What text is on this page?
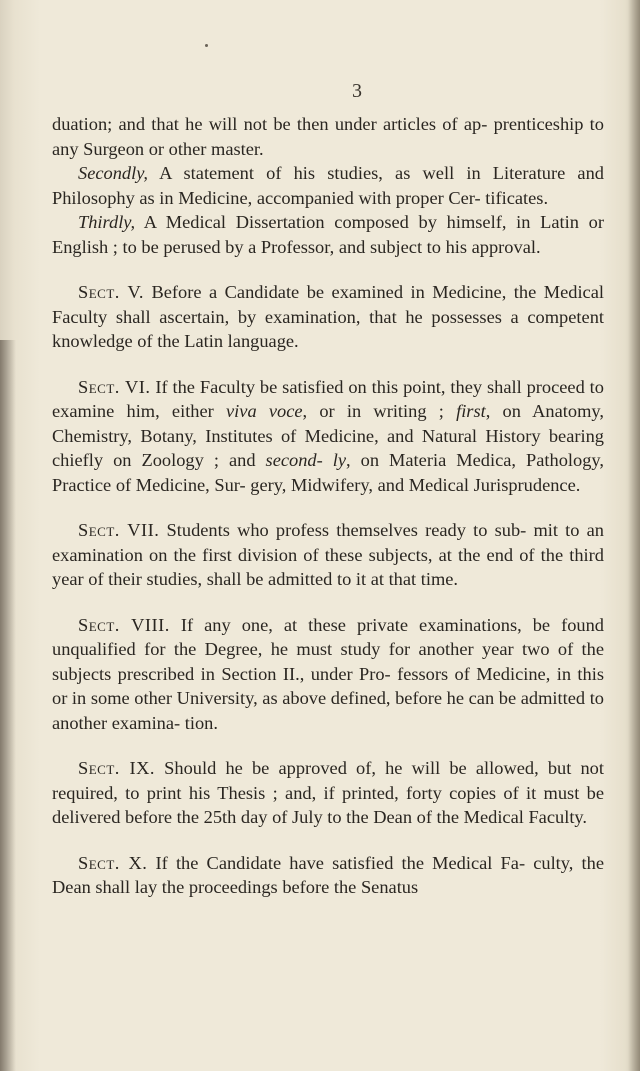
3

duation; and that he will not be then under articles of ap- prenticeship to any Surgeon or other master.

Secondly, A statement of his studies, as well in Literature and Philosophy as in Medicine, accompanied with proper Cer- tificates.

Thirdly, A Medical Dissertation composed by himself, in Latin or English ; to be perused by a Professor, and subject to his approval.

Sect. V. Before a Candidate be examined in Medicine, the Medical Faculty shall ascertain, by examination, that he possesses a competent knowledge of the Latin language.

Sect. VI. If the Faculty be satisfied on this point, they shall proceed to examine him, either viva voce, or in writing ; first, on Anatomy, Chemistry, Botany, Institutes of Medicine, and Natural History bearing chiefly on Zoology ; and second- ly, on Materia Medica, Pathology, Practice of Medicine, Sur- gery, Midwifery, and Medical Jurisprudence.

Sect. VII. Students who profess themselves ready to sub- mit to an examination on the first division of these subjects, at the end of the third year of their studies, shall be admitted to it at that time.

Sect. VIII. If any one, at these private examinations, be found unqualified for the Degree, he must study for another year two of the subjects prescribed in Section II., under Pro- fessors of Medicine, in this or in some other University, as above defined, before he can be admitted to another examina- tion.

Sect. IX. Should he be approved of, he will be allowed, but not required, to print his Thesis ; and, if printed, forty copies of it must be delivered before the 25th day of July to the Dean of the Medical Faculty.

Sect. X. If the Candidate have satisfied the Medical Fa- culty, the Dean shall lay the proceedings before the Senatus
